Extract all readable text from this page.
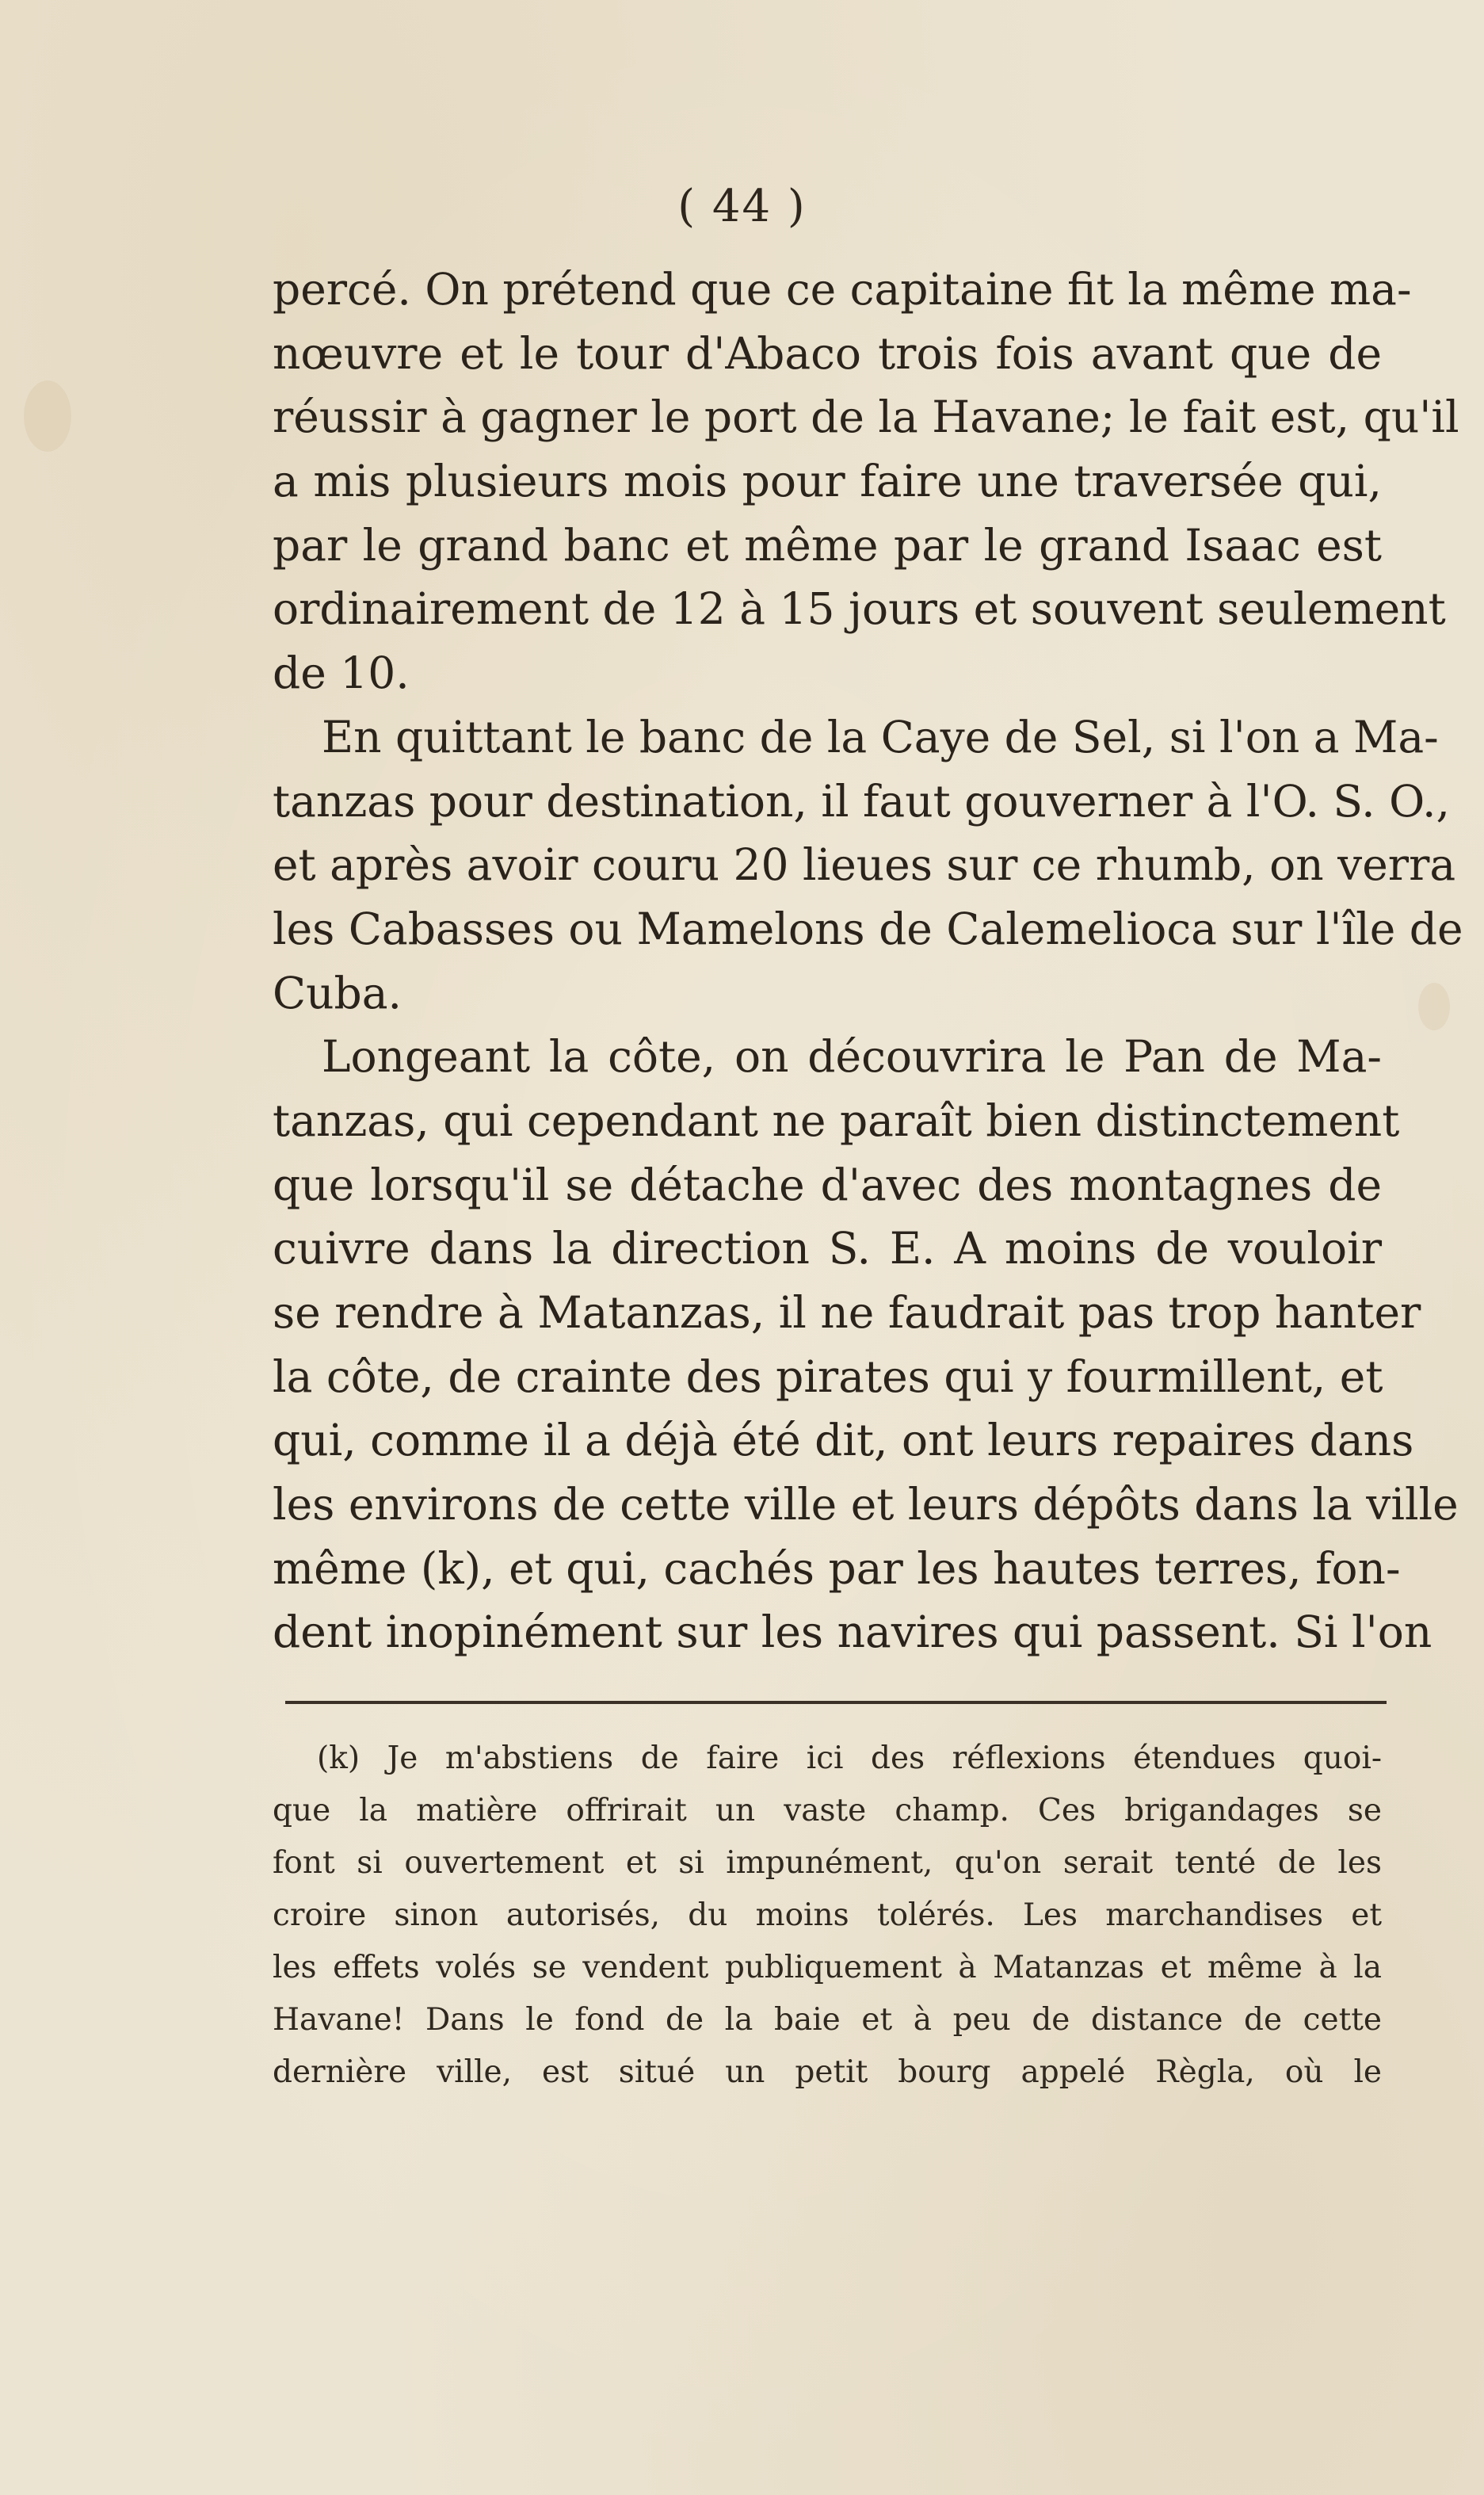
( 44 )
percé. On prétend que ce capitaine fit la même ma-
nœuvre et le tour d'Abaco trois fois avant que de
réussir à gagner le port de la Havane; le fait est, qu'il
a mis plusieurs mois pour faire une traversée qui,
par le grand banc et même par le grand Isaac est
ordinairement de 12 à 15 jours et souvent seulement
de 10.
En quittant le banc de la Caye de Sel, si l'on a Ma-
tanzas pour destination, il faut gouverner à l'O. S. O.,
et après avoir couru 20 lieues sur ce rhumb, on verra
les Cabasses ou Mamelons de Calemelioca sur l'île de
Cuba.
Longeant la côte, on découvrira le Pan de Ma-
tanzas, qui cependant ne paraît bien distinctement
que lorsqu'il se détache d'avec des montagnes de
cuivre dans la direction S. E. A moins de vouloir
se rendre à Matanzas, il ne faudrait pas trop hanter
la côte, de crainte des pirates qui y fourmillent, et
qui, comme il a déjà été dit, ont leurs repaires dans
les environs de cette ville et leurs dépôts dans la ville
même (k), et qui, cachés par les hautes terres, fon-
dent inopinément sur les navires qui passent. Si l'on
(k) Je m'abstiens de faire ici des réflexions étendues quoi-
que la matière offrirait un vaste champ. Ces brigandages se
font si ouvertement et si impunément, qu'on serait tenté de les
croire sinon autorisés, du moins tolérés. Les marchandises et
les effets volés se vendent publiquement à Matanzas et même à la
Havane! Dans le fond de la baie et à peu de distance de cette
dernière ville, est situé un petit bourg appelé Règla, où le
